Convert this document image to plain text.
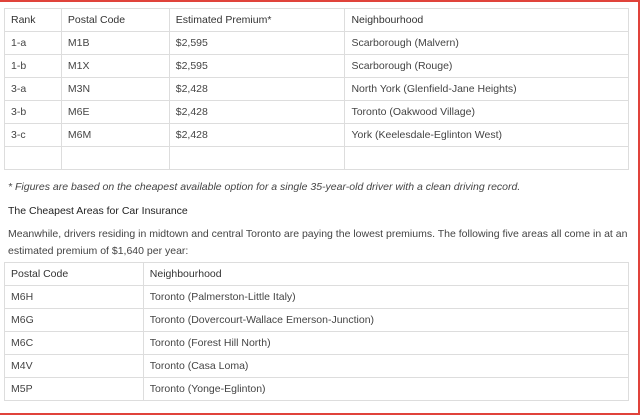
Rank	Postal Code	Estimated Premium*	Neighbourhood
1-a	M1B	$2,595	Scarborough (Malvern)
1-b	M1X	$2,595	Scarborough (Rouge)
3-a	M3N	$2,428	North York (Glenfield-Jane Heights)
3-b	M6E	$2,428	Toronto (Oakwood Village)
3-c	M6M	$2,428	York (Keelesdale-Eglinton West)

* Figures are based on the cheapest available option for a single 35-year-old driver with a clean driving record.
The Cheapest Areas for Car Insurance
Meanwhile, drivers residing in midtown and central Toronto are paying the lowest premiums. The following five areas all come in at an estimated premium of $1,640 per year:
Postal Code	Neighbourhood
M6H	Toronto (Palmerston-Little Italy)
M6G	Toronto (Dovercourt-Wallace Emerson-Junction)
M6C	Toronto (Forest Hill North)
M4V	Toronto (Casa Loma)
M5P	Toronto (Yonge-Eglinton)
